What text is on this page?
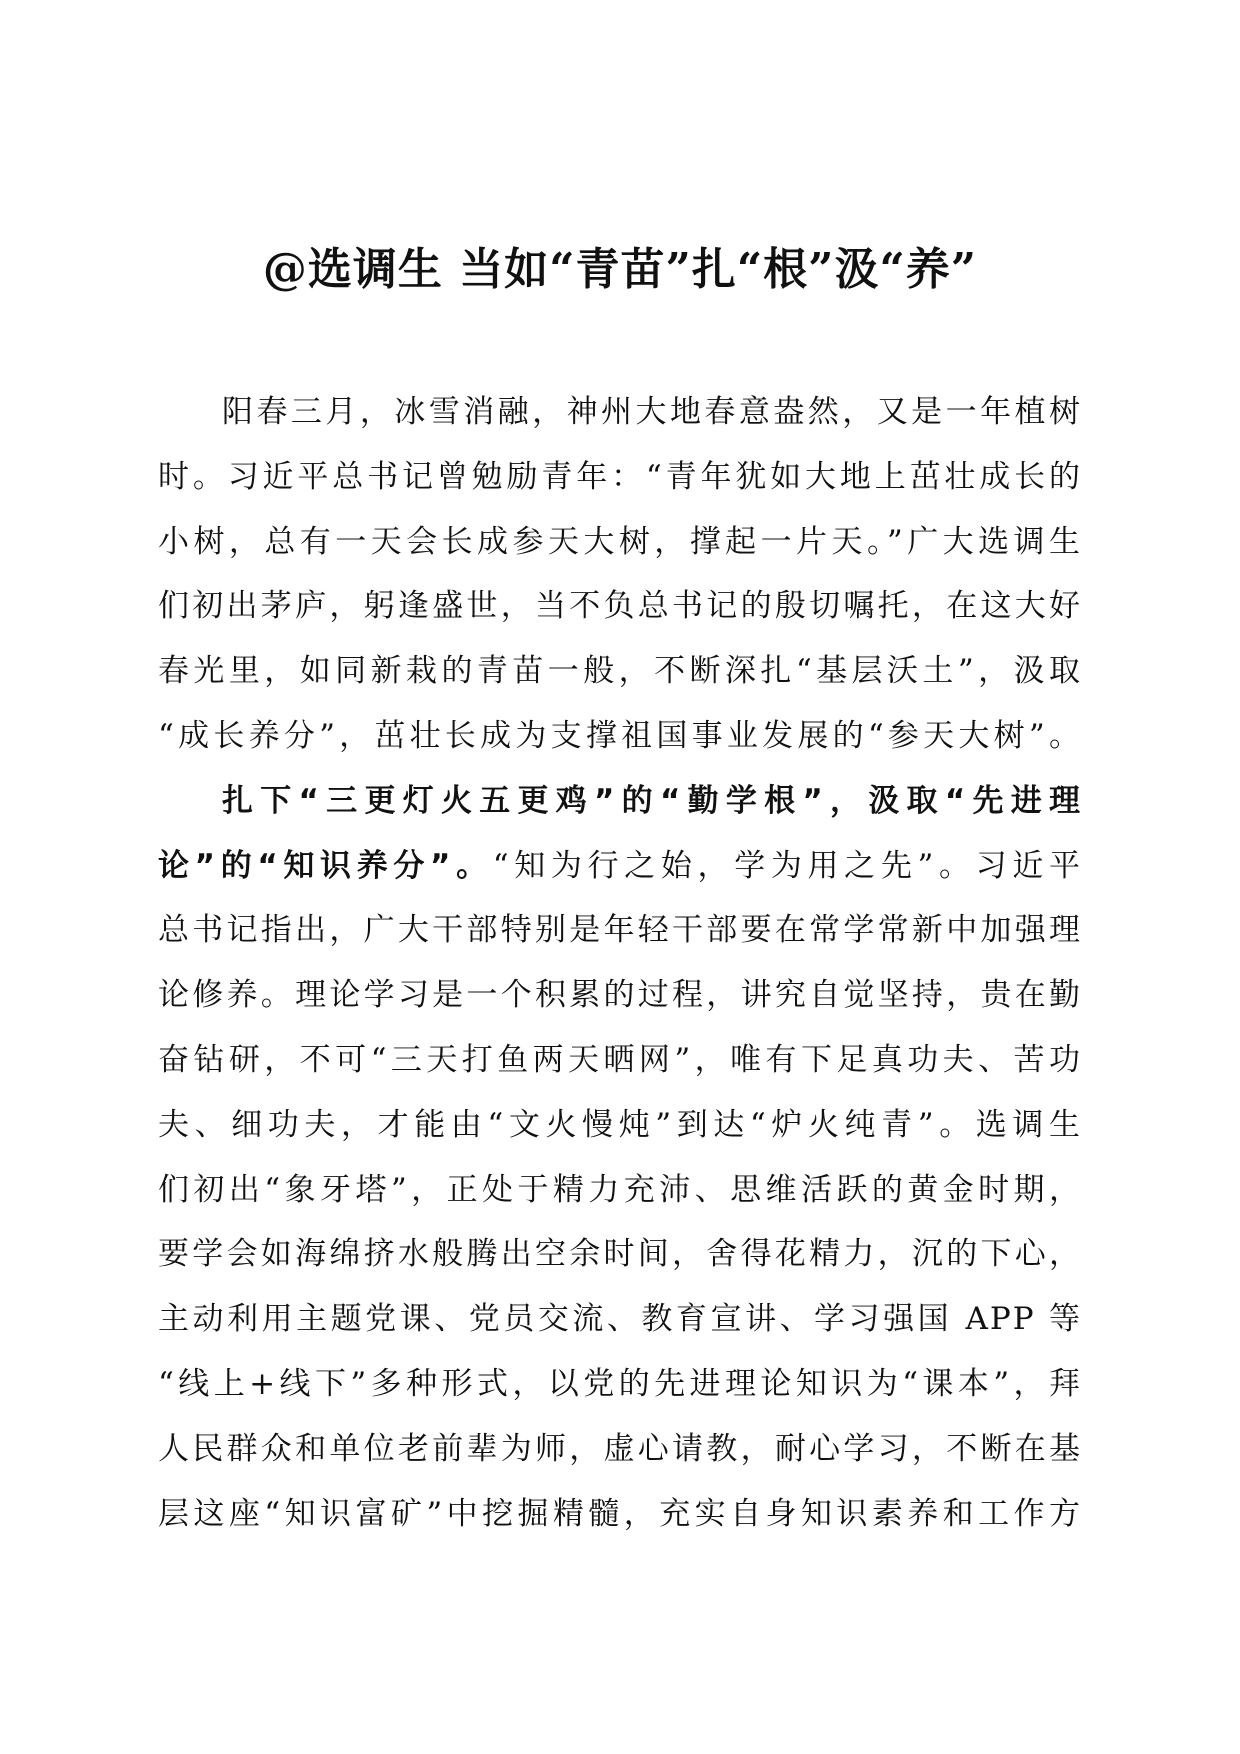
@选调生 当如“青苗”扎“根”汲“养”
阳春三月，冰雪消融，神州大地春意盎然，又是一年植树
时。习近平总书记曾勉励青年：“青年犹如大地上茁壮成长的
小树，总有一天会长成参天大树，撑起一片天。”广大选调生
们初出茅庐，躬逢盛世，当不负总书记的殷切嘱托，在这大好
春光里，如同新栽的青苗一般，不断深扎“基层沃土”，汲取
“成长养分”，茁壮长成为支撑祖国事业发展的“参天大树”。
扎下“三更灯火五更鸡”的“勤学根”，汲取“先进理
论”的“知识养分”。“知为行之始，学为用之先”。习近平
总书记指出，广大干部特别是年轻干部要在常学常新中加强理
论修养。理论学习是一个积累的过程，讲究自觉坚持，贵在勤
奋钻研，不可“三天打鱼两天晒网”，唯有下足真功夫、苦功
夫、细功夫，才能由“文火慢炖”到达“炉火纯青”。选调生
们初出“象牙塔”，正处于精力充沛、思维活跃的黄金时期，
要学会如海绵挤水般腾出空余时间，舍得花精力，沉的下心，
主动利用主题党课、党员交流、教育宣讲、学习强国 APP 等
“线上+线下”多种形式，以党的先进理论知识为“课本”，拜
人民群众和单位老前辈为师，虚心请教，耐心学习，不断在基
层这座“知识富矿”中挖掘精髓，充实自身知识素养和工作方
